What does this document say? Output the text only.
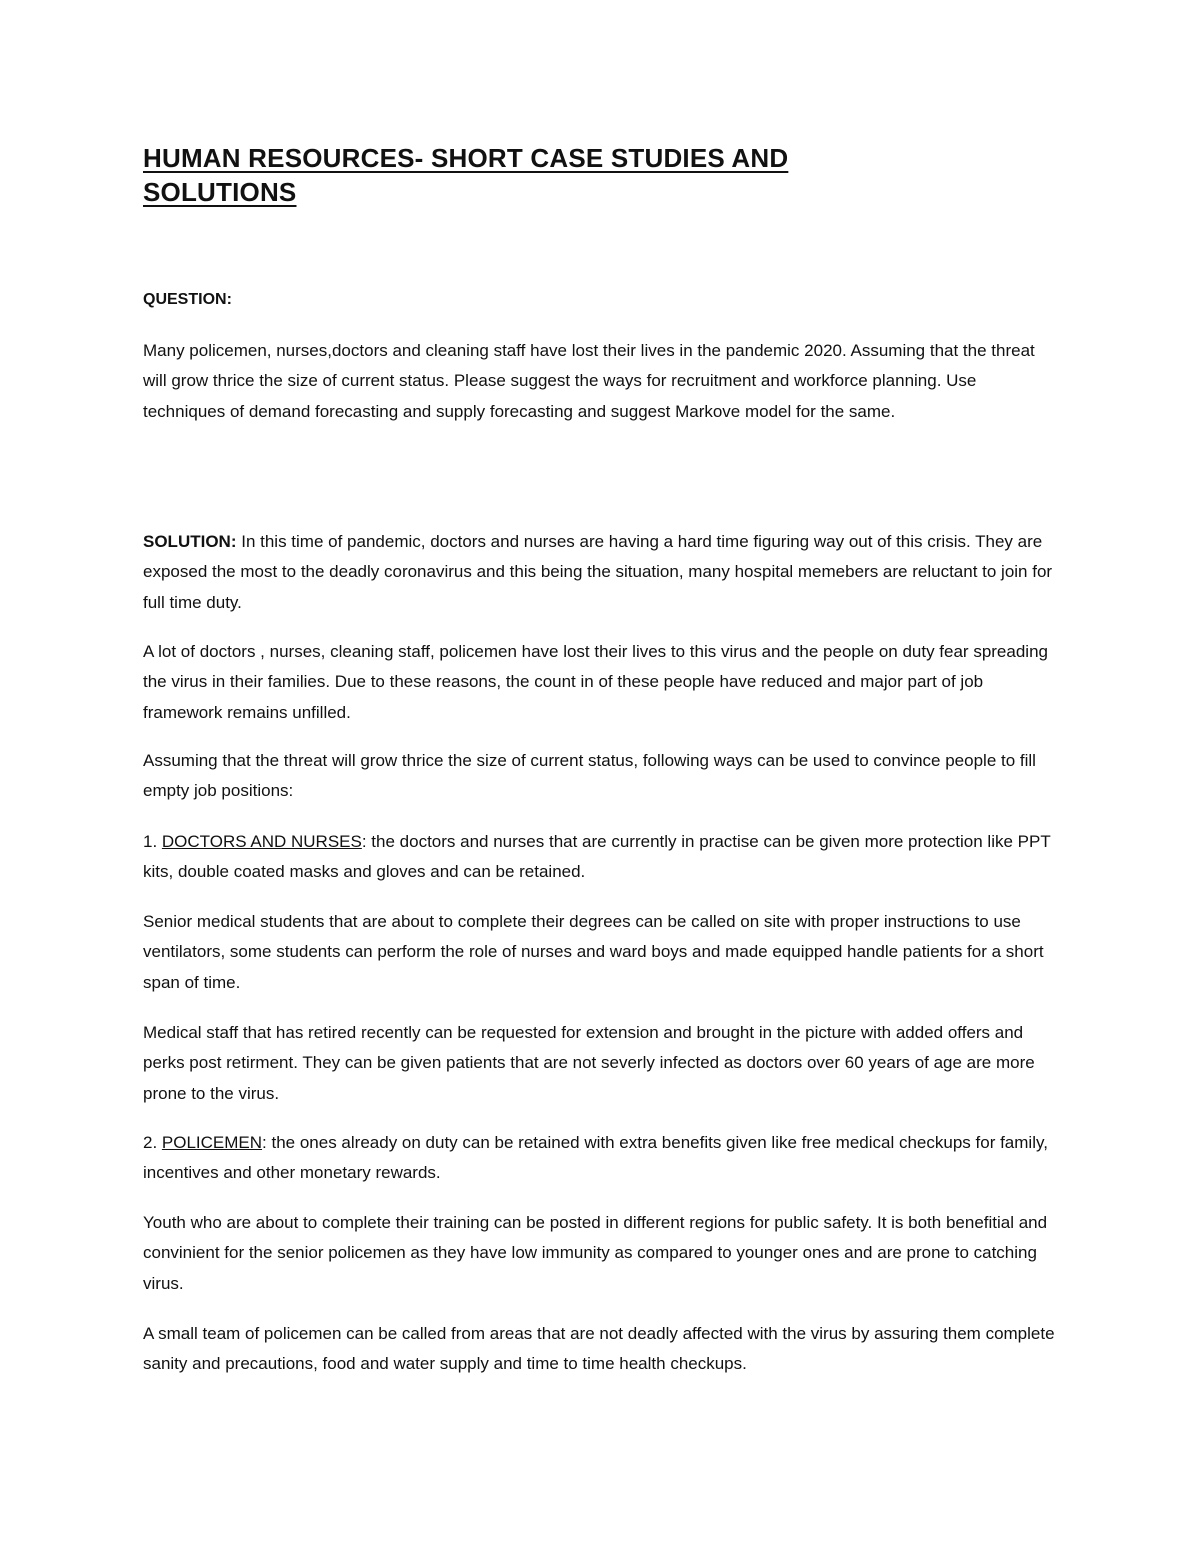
HUMAN RESOURCES- SHORT CASE STUDIES AND SOLUTIONS

QUESTION:

Many policemen, nurses,doctors and cleaning staff have lost their lives in the pandemic 2020. Assuming that the threat will grow thrice the size of current status. Please suggest the ways for recruitment and workforce planning. Use techniques of demand forecasting and supply forecasting and suggest Markove model for the same.

SOLUTION: In this time of pandemic, doctors and nurses are having a hard time figuring way out of this crisis. They are exposed the most to the deadly coronavirus and this being the situation, many hospital memebers are reluctant to join for full time duty.

A lot of doctors , nurses, cleaning staff, policemen have lost their lives to this virus and the people on duty fear spreading the virus in their families. Due to these reasons, the count in of these people have reduced and major part of job framework remains unfilled.

Assuming that the threat will grow thrice the size of current status, following ways can be used to convince people to fill empty job positions:

1. DOCTORS AND NURSES: the doctors and nurses that are currently in practise can be given more protection like PPT kits, double coated masks and gloves and can be retained.

Senior medical students that are about to complete their degrees can be called on site with proper instructions to use ventilators, some students can perform the role of nurses and ward boys and made equipped handle patients for a short span of time.

Medical staff that has retired recently can be requested for extension and brought in the picture with added offers and perks post retirment. They can be given patients that are not severly infected as doctors over 60 years of age are more prone to the virus.

2. POLICEMEN: the ones already on duty can be retained with extra benefits given like free medical checkups for family, incentives and other monetary rewards.

Youth who are about to complete their training can be posted in different regions for public safety. It is both benefitial and convinient for the senior policemen as they have low immunity as compared to younger ones and are prone to catching virus.

A small team of policemen can be called from areas that are not deadly affected with the virus by assuring them complete sanity and precautions, food and water supply and time to time health checkups.
